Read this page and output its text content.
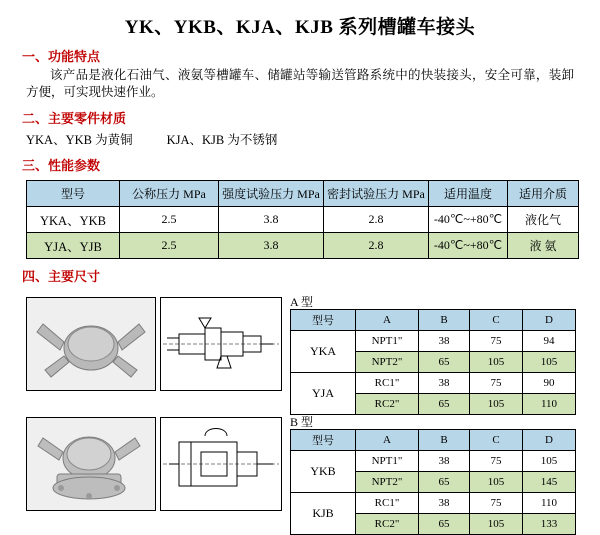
YK、YKB、KJA、KJB 系列槽罐车接头
一、功能特点
该产品是液化石油气、液氨等槽罐车、储罐站等输送管路系统中的快装接头，安全可靠，装卸方便，可实现快速作业。
二、主要零件材质
YKA、YKB 为黄铜	KJA、KJB 为不锈钢
三、性能参数
型号	公称压力 MPa	强度试验压力 MPa	密封试验压力 MPa	适用温度	适用介质
YKA、YKB	2.5	3.8	2.8	-40℃~+80℃	液化气
YJA、YJB	2.5	3.8	2.8	-40℃~+80℃	液 氨
四、主要尺寸
A 型
型号	A	B	C	D
YKA	NPT1"	38	75	94
	NPT2"	65	105	105
YJA	RC1"	38	75	90
	RC2"	65	105	110
B 型
型号	A	B	C	D
YKB	NPT1"	38	75	105
	NPT2"	65	105	145
KJB	RC1"	38	75	110
	RC2"	65	105	133
